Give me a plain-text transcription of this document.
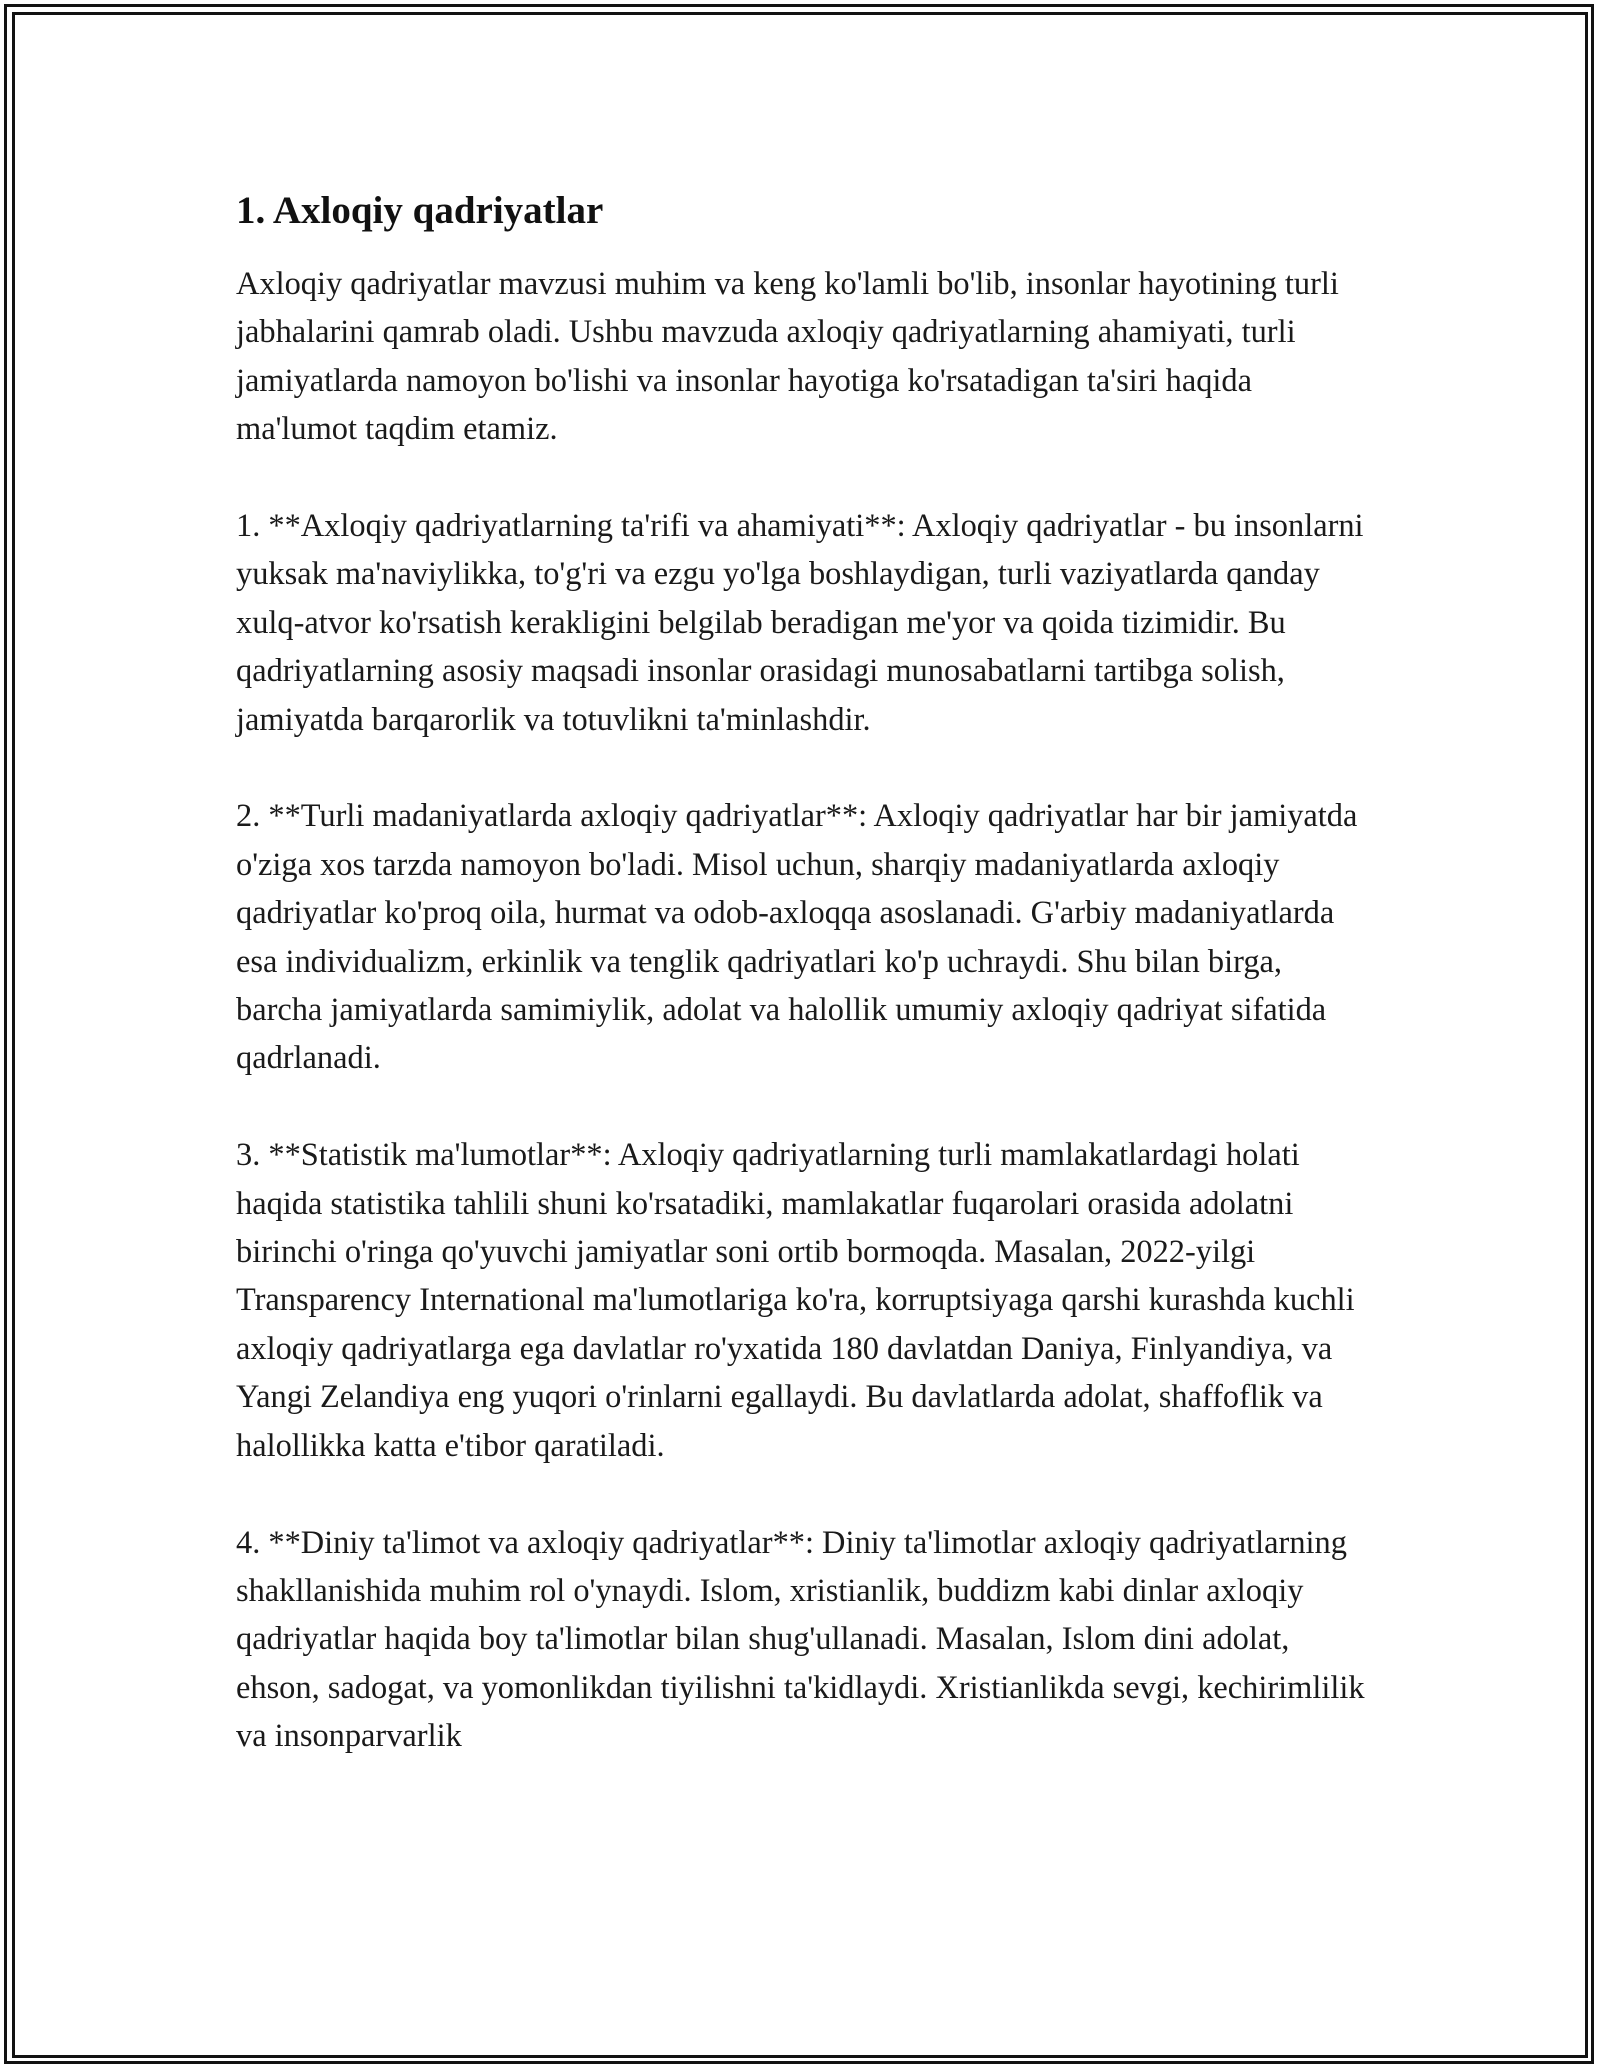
1. Axloqiy qadriyatlar

Axloqiy qadriyatlar mavzusi muhim va keng ko'lamli bo'lib, insonlar hayotining turli jabhalarini qamrab oladi. Ushbu mavzuda axloqiy qadriyatlarning ahamiyati, turli jamiyatlarda namoyon bo'lishi va insonlar hayotiga ko'rsatadigan ta'siri haqida ma'lumot taqdim etamiz.

1. **Axloqiy qadriyatlarning ta'rifi va ahamiyati**: Axloqiy qadriyatlar - bu insonlarni yuksak ma'naviylikka, to'g'ri va ezgu yo'lga boshlaydigan, turli vaziyatlarda qanday xulq-atvor ko'rsatish kerakligini belgilab beradigan me'yor va qoida tizimidir. Bu qadriyatlarning asosiy maqsadi insonlar orasidagi munosabatlarni tartibga solish, jamiyatda barqarorlik va totuvlikni ta'minlashdir.

2. **Turli madaniyatlarda axloqiy qadriyatlar**: Axloqiy qadriyatlar har bir jamiyatda o'ziga xos tarzda namoyon bo'ladi. Misol uchun, sharqiy madaniyatlarda axloqiy qadriyatlar ko'proq oila, hurmat va odob-axloqqa asoslanadi. G'arbiy madaniyatlarda esa individualizm, erkinlik va tenglik qadriyatlari ko'p uchraydi. Shu bilan birga, barcha jamiyatlarda samimiylik, adolat va halollik umumiy axloqiy qadriyat sifatida qadrlanadi.

3. **Statistik ma'lumotlar**: Axloqiy qadriyatlarning turli mamlakatlardagi holati haqida statistika tahlili shuni ko'rsatadiki, mamlakatlar fuqarolari orasida adolatni birinchi o'ringa qo'yuvchi jamiyatlar soni ortib bormoqda. Masalan, 2022-yilgi Transparency International ma'lumotlariga ko'ra, korruptsiyaga qarshi kurashda kuchli axloqiy qadriyatlarga ega davlatlar ro'yxatida 180 davlatdan Daniya, Finlyandiya, va Yangi Zelandiya eng yuqori o'rinlarni egallaydi. Bu davlatlarda adolat, shaffoflik va halollikka katta e'tibor qaratiladi.

4. **Diniy ta'limot va axloqiy qadriyatlar**: Diniy ta'limotlar axloqiy qadriyatlarning shakllanishida muhim rol o'ynaydi. Islom, xristianlik, buddizm kabi dinlar axloqiy qadriyatlar haqida boy ta'limotlar bilan shug'ullanadi. Masalan, Islom dini adolat, ehson, sadogat, va yomonlikdan tiyilishni ta'kidlaydi. Xristianlikda sevgi, kechirimlilik va insonparvarlik
